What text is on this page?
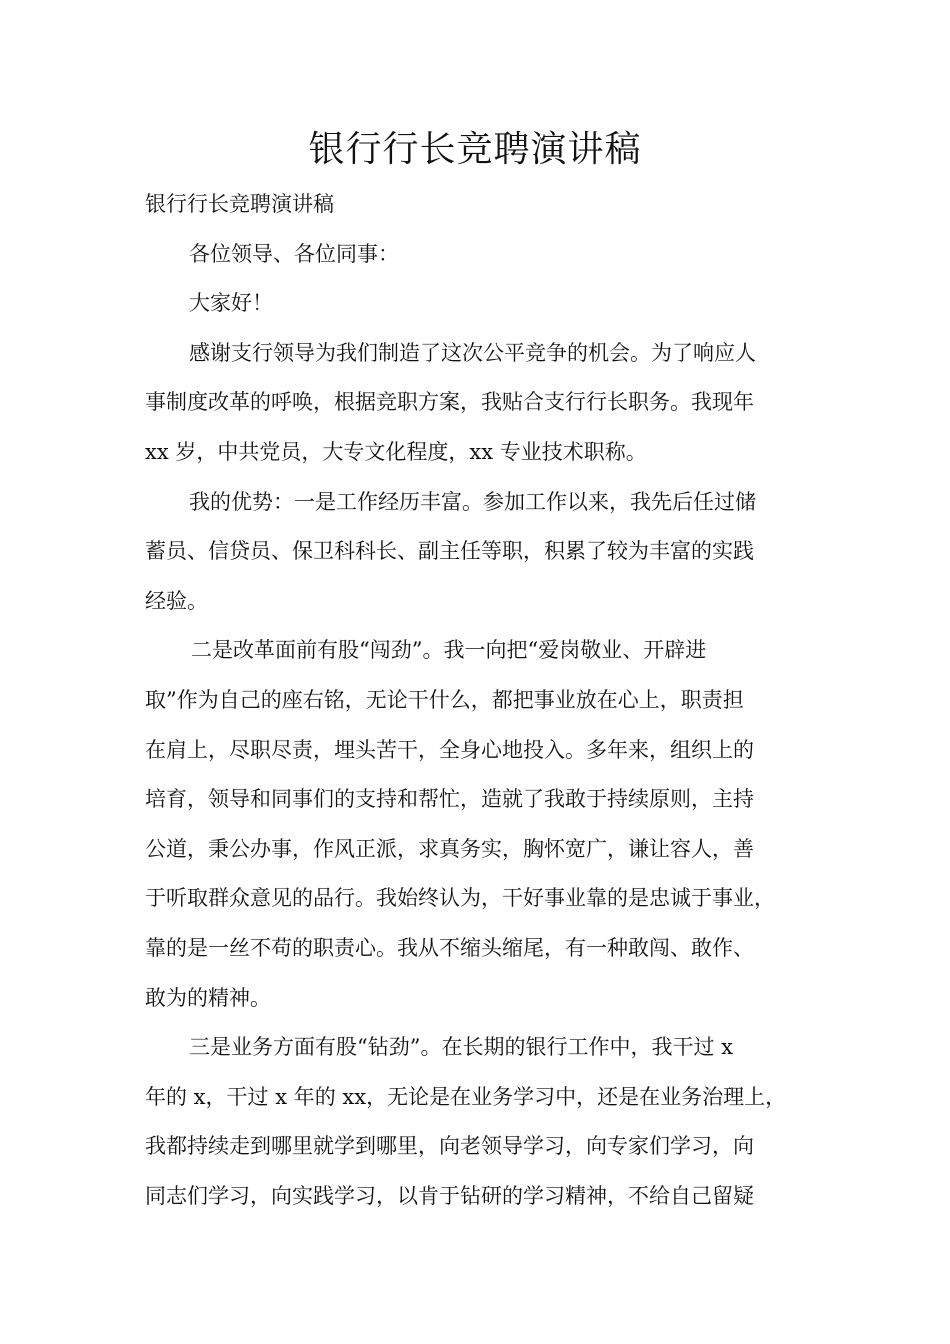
银行行长竞聘演讲稿
银行行长竞聘演讲稿
各位领导、各位同事：
大家好！
感谢支行领导为我们制造了这次公平竞争的机会。为了响应人
事制度改革的呼唤，根据竞职方案，我贴合支行行长职务。我现年
xx 岁，中共党员，大专文化程度，xx 专业技术职称。
我的优势：一是工作经历丰富。参加工作以来，我先后任过储
蓄员、信贷员、保卫科科长、副主任等职，积累了较为丰富的实践
经验。
二是改革面前有股“闯劲”。我一向把“爱岗敬业、开辟进
取”作为自己的座右铭，无论干什么，都把事业放在心上，职责担
在肩上，尽职尽责，埋头苦干，全身心地投入。多年来，组织上的
培育，领导和同事们的支持和帮忙，造就了我敢于持续原则，主持
公道，秉公办事，作风正派，求真务实，胸怀宽广，谦让容人，善
于听取群众意见的品行。我始终认为，干好事业靠的是忠诚于事业，
靠的是一丝不苟的职责心。我从不缩头缩尾，有一种敢闯、敢作、
敢为的精神。
三是业务方面有股“钻劲”。在长期的银行工作中，我干过 x
年的 x，干过 x 年的 xx，无论是在业务学习中，还是在业务治理上，
我都持续走到哪里就学到哪里，向老领导学习，向专家们学习，向
同志们学习，向实践学习，以肯于钻研的学习精神，不给自己留疑
